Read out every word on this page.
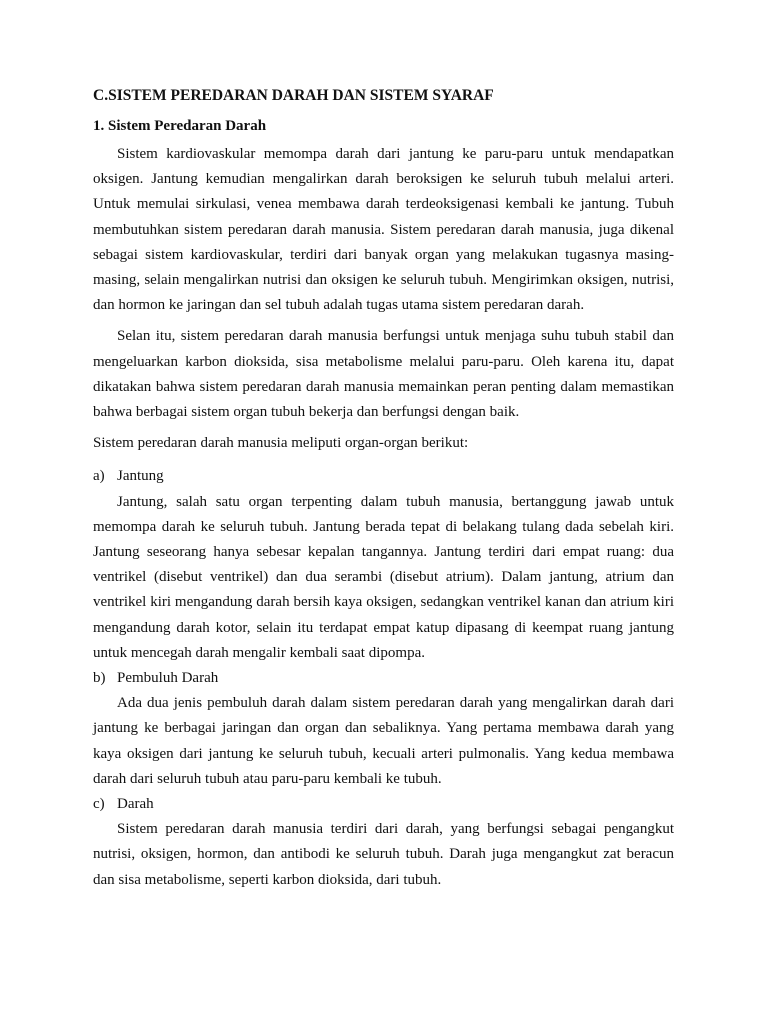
C.SISTEM PEREDARAN DARAH DAN SISTEM SYARAF
1. Sistem Peredaran Darah

Sistem kardiovaskular memompa darah dari jantung ke paru-paru untuk mendapatkan oksigen. Jantung kemudian mengalirkan darah beroksigen ke seluruh tubuh melalui arteri. Untuk memulai sirkulasi, venea membawa darah terdeoksigenasi kembali ke jantung. Tubuh membutuhkan sistem peredaran darah manusia. Sistem peredaran darah manusia, juga dikenal sebagai sistem kardiovaskular, terdiri dari banyak organ yang melakukan tugasnya masing-masing, selain mengalirkan nutrisi dan oksigen ke seluruh tubuh. Mengirimkan oksigen, nutrisi, dan hormon ke jaringan dan sel tubuh adalah tugas utama sistem peredaran darah.

Selan itu, sistem peredaran darah manusia berfungsi untuk menjaga suhu tubuh stabil dan mengeluarkan karbon dioksida, sisa metabolisme melalui paru-paru. Oleh karena itu, dapat dikatakan bahwa sistem peredaran darah manusia memainkan peran penting dalam memastikan bahwa berbagai sistem organ tubuh bekerja dan berfungsi dengan baik.

Sistem peredaran darah manusia meliputi organ-organ berikut:

a) Jantung

Jantung, salah satu organ terpenting dalam tubuh manusia, bertanggung jawab untuk memompa darah ke seluruh tubuh. Jantung berada tepat di belakang tulang dada sebelah kiri. Jantung seseorang hanya sebesar kepalan tangannya. Jantung terdiri dari empat ruang: dua ventrikel (disebut ventrikel) dan dua serambi (disebut atrium). Dalam jantung, atrium dan ventrikel kiri mengandung darah bersih kaya oksigen, sedangkan ventrikel kanan dan atrium kiri mengandung darah kotor, selain itu terdapat empat katup dipasang di keempat ruang jantung untuk mencegah darah mengalir kembali saat dipompa.

b) Pembuluh Darah

Ada dua jenis pembuluh darah dalam sistem peredaran darah yang mengalirkan darah dari jantung ke berbagai jaringan dan organ dan sebaliknya. Yang pertama membawa darah yang kaya oksigen dari jantung ke seluruh tubuh, kecuali arteri pulmonalis. Yang kedua membawa darah dari seluruh tubuh atau paru-paru kembali ke tubuh.

c) Darah

Sistem peredaran darah manusia terdiri dari darah, yang berfungsi sebagai pengangkut nutrisi, oksigen, hormon, dan antibodi ke seluruh tubuh. Darah juga mengangkut zat beracun dan sisa metabolisme, seperti karbon dioksida, dari tubuh.
